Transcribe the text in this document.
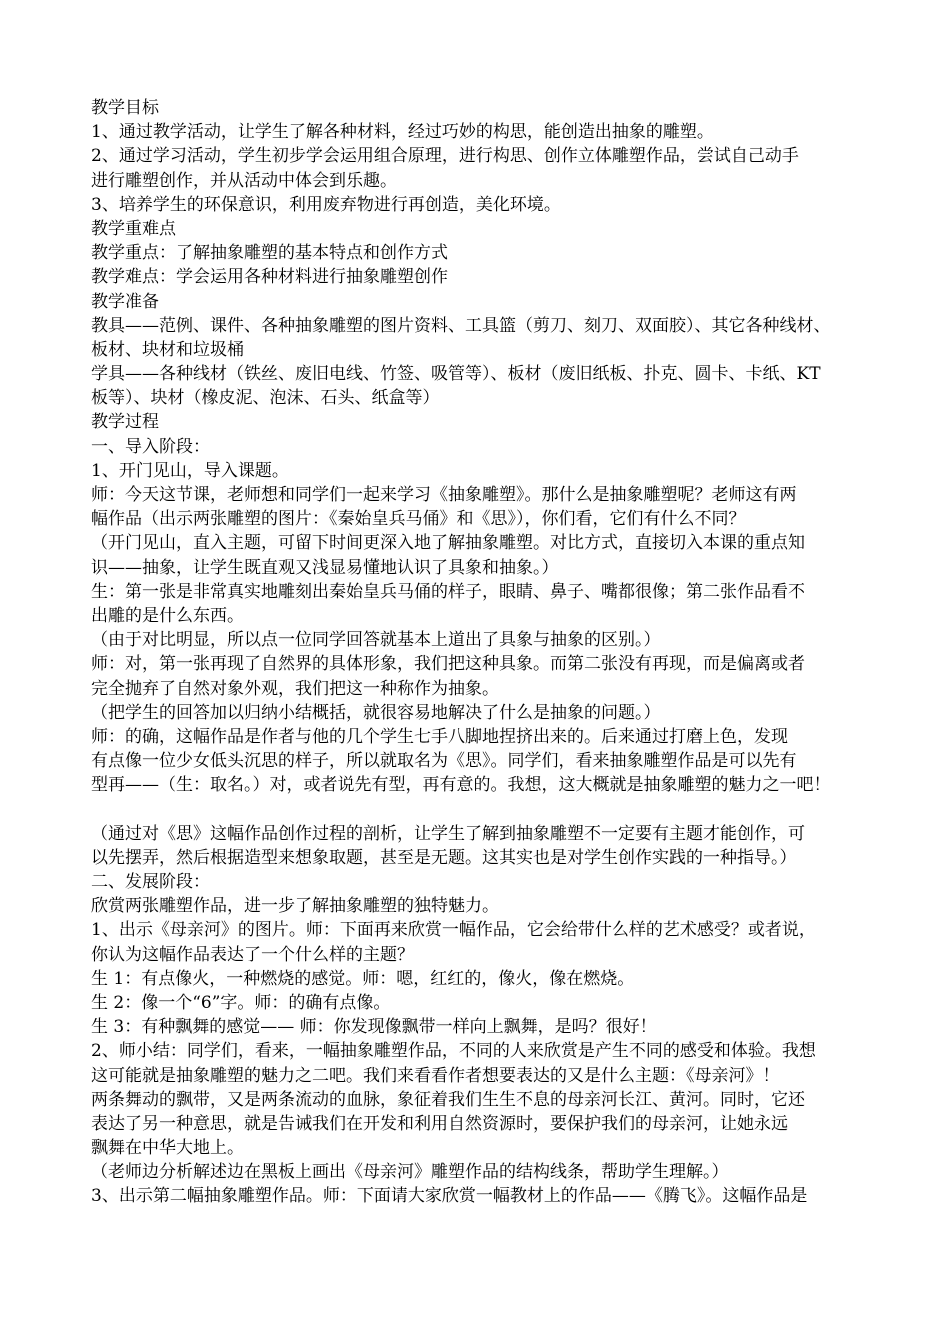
教学目标
1、通过教学活动，让学生了解各种材料，经过巧妙的构思，能创造出抽象的雕塑。
2、通过学习活动，学生初步学会运用组合原理，进行构思、创作立体雕塑作品，尝试自己动手
进行雕塑创作，并从活动中体会到乐趣。
3、培养学生的环保意识，利用废弃物进行再创造，美化环境。
教学重难点
教学重点：了解抽象雕塑的基本特点和创作方式
教学难点：学会运用各种材料进行抽象雕塑创作
教学准备
教具——范例、课件、各种抽象雕塑的图片资料、工具篮（剪刀、刻刀、双面胶）、其它各种线材、
板材、块材和垃圾桶
学具——各种线材（铁丝、废旧电线、竹签、吸管等）、板材（废旧纸板、扑克、圆卡、卡纸、KT
板等）、块材（橡皮泥、泡沫、石头、纸盒等）
教学过程
一、导入阶段：
1、开门见山，导入课题。
师：今天这节课，老师想和同学们一起来学习《抽象雕塑》。那什么是抽象雕塑呢？老师这有两
幅作品（出示两张雕塑的图片：《秦始皇兵马俑》和《思》），你们看，它们有什么不同？
（开门见山，直入主题，可留下时间更深入地了解抽象雕塑。对比方式，直接切入本课的重点知
识——抽象，让学生既直观又浅显易懂地认识了具象和抽象。）
生：第一张是非常真实地雕刻出秦始皇兵马俑的样子，眼睛、鼻子、嘴都很像；第二张作品看不
出雕的是什么东西。
（由于对比明显，所以点一位同学回答就基本上道出了具象与抽象的区别。）
师：对，第一张再现了自然界的具体形象，我们把这种具象。而第二张没有再现，而是偏离或者
完全抛弃了自然对象外观，我们把这一种称作为抽象。
（把学生的回答加以归纳小结概括，就很容易地解决了什么是抽象的问题。）
师：的确，这幅作品是作者与他的几个学生七手八脚地捏挤出来的。后来通过打磨上色，发现
有点像一位少女低头沉思的样子，所以就取名为《思》。同学们，看来抽象雕塑作品是可以先有
型再——（生：取名。）对，或者说先有型，再有意的。我想，这大概就是抽象雕塑的魅力之一吧！
（通过对《思》这幅作品创作过程的剖析，让学生了解到抽象雕塑不一定要有主题才能创作，可
以先摆弄，然后根据造型来想象取题，甚至是无题。这其实也是对学生创作实践的一种指导。）
二、发展阶段：
欣赏两张雕塑作品，进一步了解抽象雕塑的独特魅力。
1、出示《母亲河》的图片。师：下面再来欣赏一幅作品，它会给带什么样的艺术感受？或者说，
你认为这幅作品表达了一个什么样的主题？
生 1：有点像火，一种燃烧的感觉。师：嗯，红红的，像火，像在燃烧。
生 2：像一个“6”字。师：的确有点像。
生 3：有种飘舞的感觉—— 师：你发现像飘带一样向上飘舞，是吗？很好！
2、师小结：同学们，看来，一幅抽象雕塑作品，不同的人来欣赏是产生不同的感受和体验。我想
这可能就是抽象雕塑的魅力之二吧。我们来看看作者想要表达的又是什么主题：《母亲河》！
两条舞动的飘带，又是两条流动的血脉，象征着我们生生不息的母亲河长江、黄河。同时，它还
表达了另一种意思，就是告诫我们在开发和利用自然资源时，要保护我们的母亲河，让她永远
飘舞在中华大地上。
（老师边分析解述边在黑板上画出《母亲河》雕塑作品的结构线条，帮助学生理解。）
3、出示第二幅抽象雕塑作品。师：下面请大家欣赏一幅教材上的作品——《腾飞》。这幅作品是
